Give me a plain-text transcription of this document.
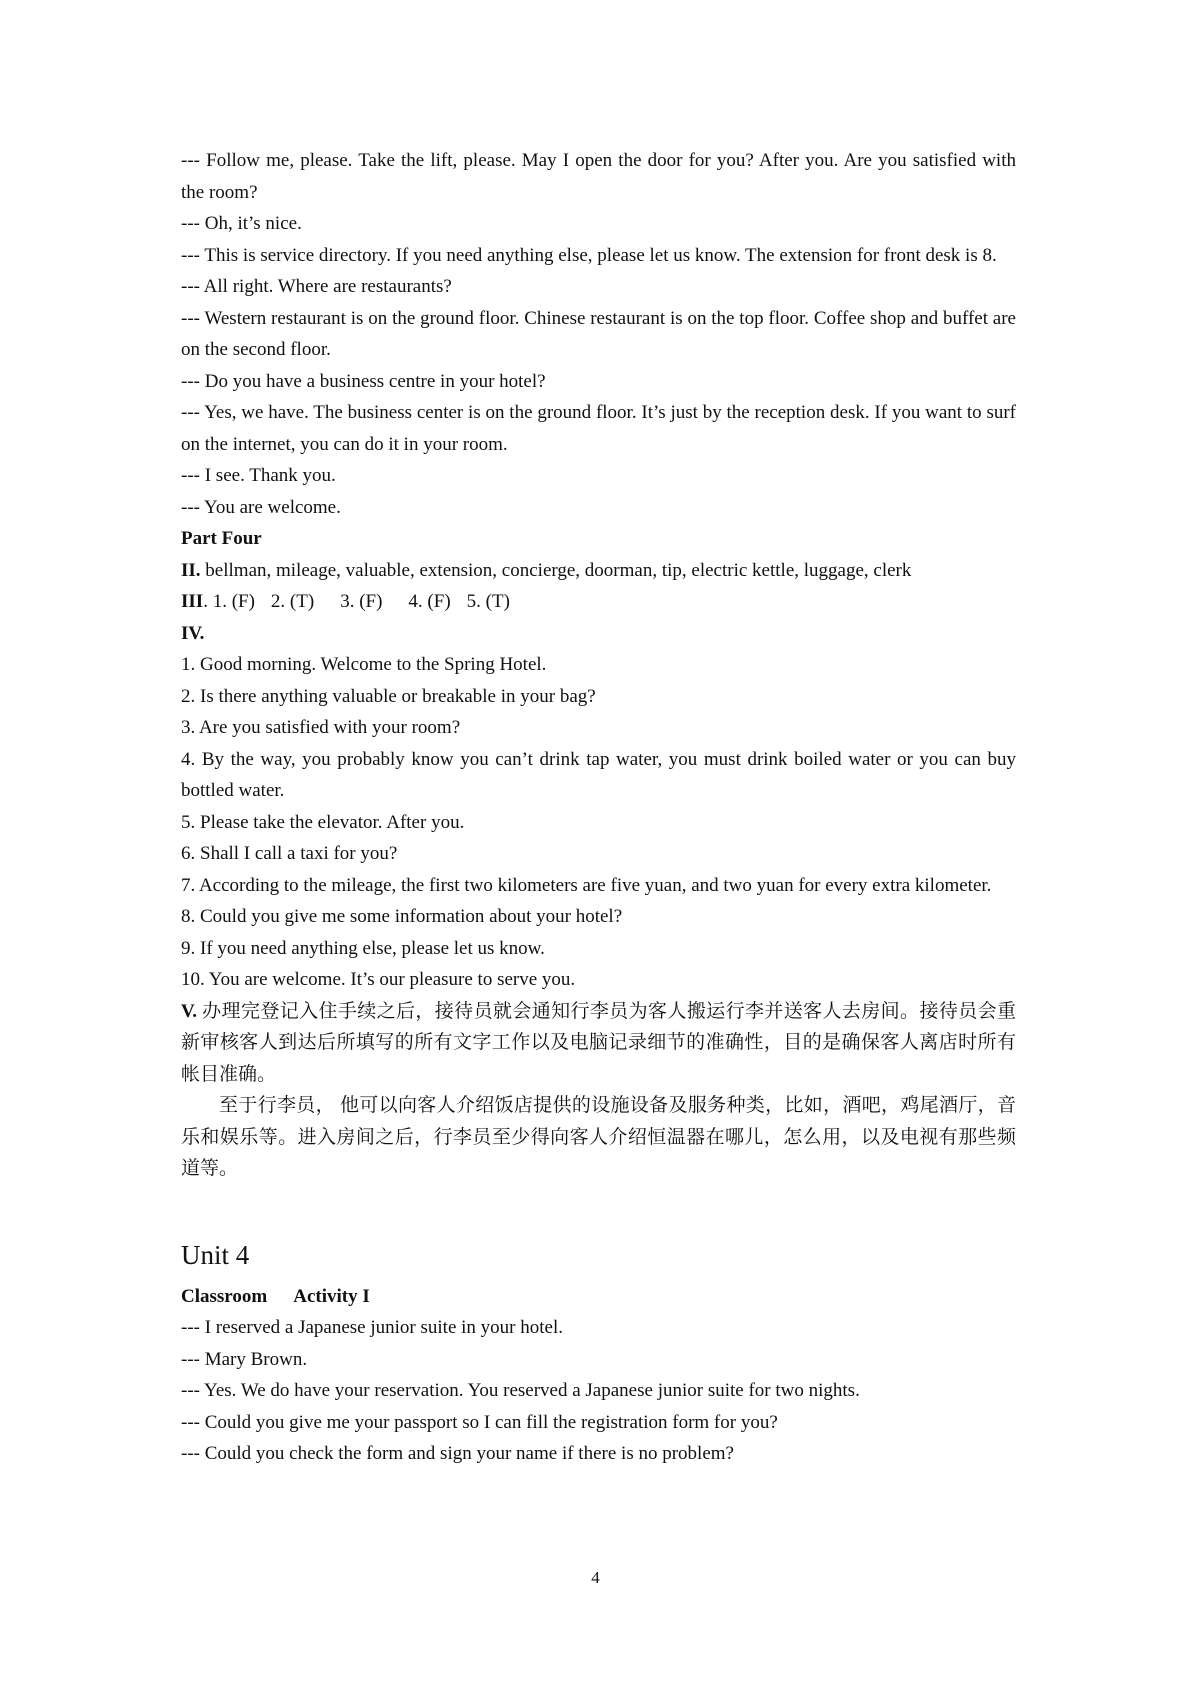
--- Follow me, please. Take the lift, please. May I open the door for you? After you. Are you satisfied with the room?

--- Oh, it’s nice.

--- This is service directory. If you need anything else, please let us know. The extension for front desk is 8.

--- All right. Where are restaurants?

--- Western restaurant is on the ground floor. Chinese restaurant is on the top floor. Coffee shop and buffet are on the second floor.

--- Do you have a business centre in your hotel?

--- Yes, we have. The business center is on the ground floor. It’s just by the reception desk. If you want to surf on the internet, you can do it in your room.

--- I see. Thank you.

--- You are welcome.

Part Four

II. bellman, mileage, valuable, extension, concierge, doorman, tip, electric kettle, luggage, clerk

III. 1. (F) 2. (T) 3. (F) 4. (F) 5. (T)

IV.

1. Good morning. Welcome to the Spring Hotel.

2. Is there anything valuable or breakable in your bag?

3. Are you satisfied with your room?

4. By the way, you probably know you can’t drink tap water, you must drink boiled water or you can buy bottled water.

5. Please take the elevator. After you.

6. Shall I call a taxi for you?

7. According to the mileage, the first two kilometers are five yuan, and two yuan for every extra kilometer.

8. Could you give me some information about your hotel?

9. If you need anything else, please let us know.

10. You are welcome. It’s our pleasure to serve you.

V. 办理完登记入住手续之后，接待员就会通知行李员为客人搬运行李并送客人去房间。接待员会重新审核客人到达后所填写的所有文字工作以及电脑记录细节的准确性，目的是确保客人离店时所有帐目准确。

至于行李员， 他可以向客人介绍饭店提供的设施设备及服务种类，比如，酒吧，鸡尾酒厅，音乐和娱乐等。进入房间之后，行李员至少得向客人介绍恒温器在哪儿，怎么用，以及电视有那些频道等。

Unit 4

Classroom Activity I

--- I reserved a Japanese junior suite in your hotel.

--- Mary Brown.

--- Yes. We do have your reservation. You reserved a Japanese junior suite for two nights.

--- Could you give me your passport so I can fill the registration form for you?

--- Could you check the form and sign your name if there is no problem?

4
